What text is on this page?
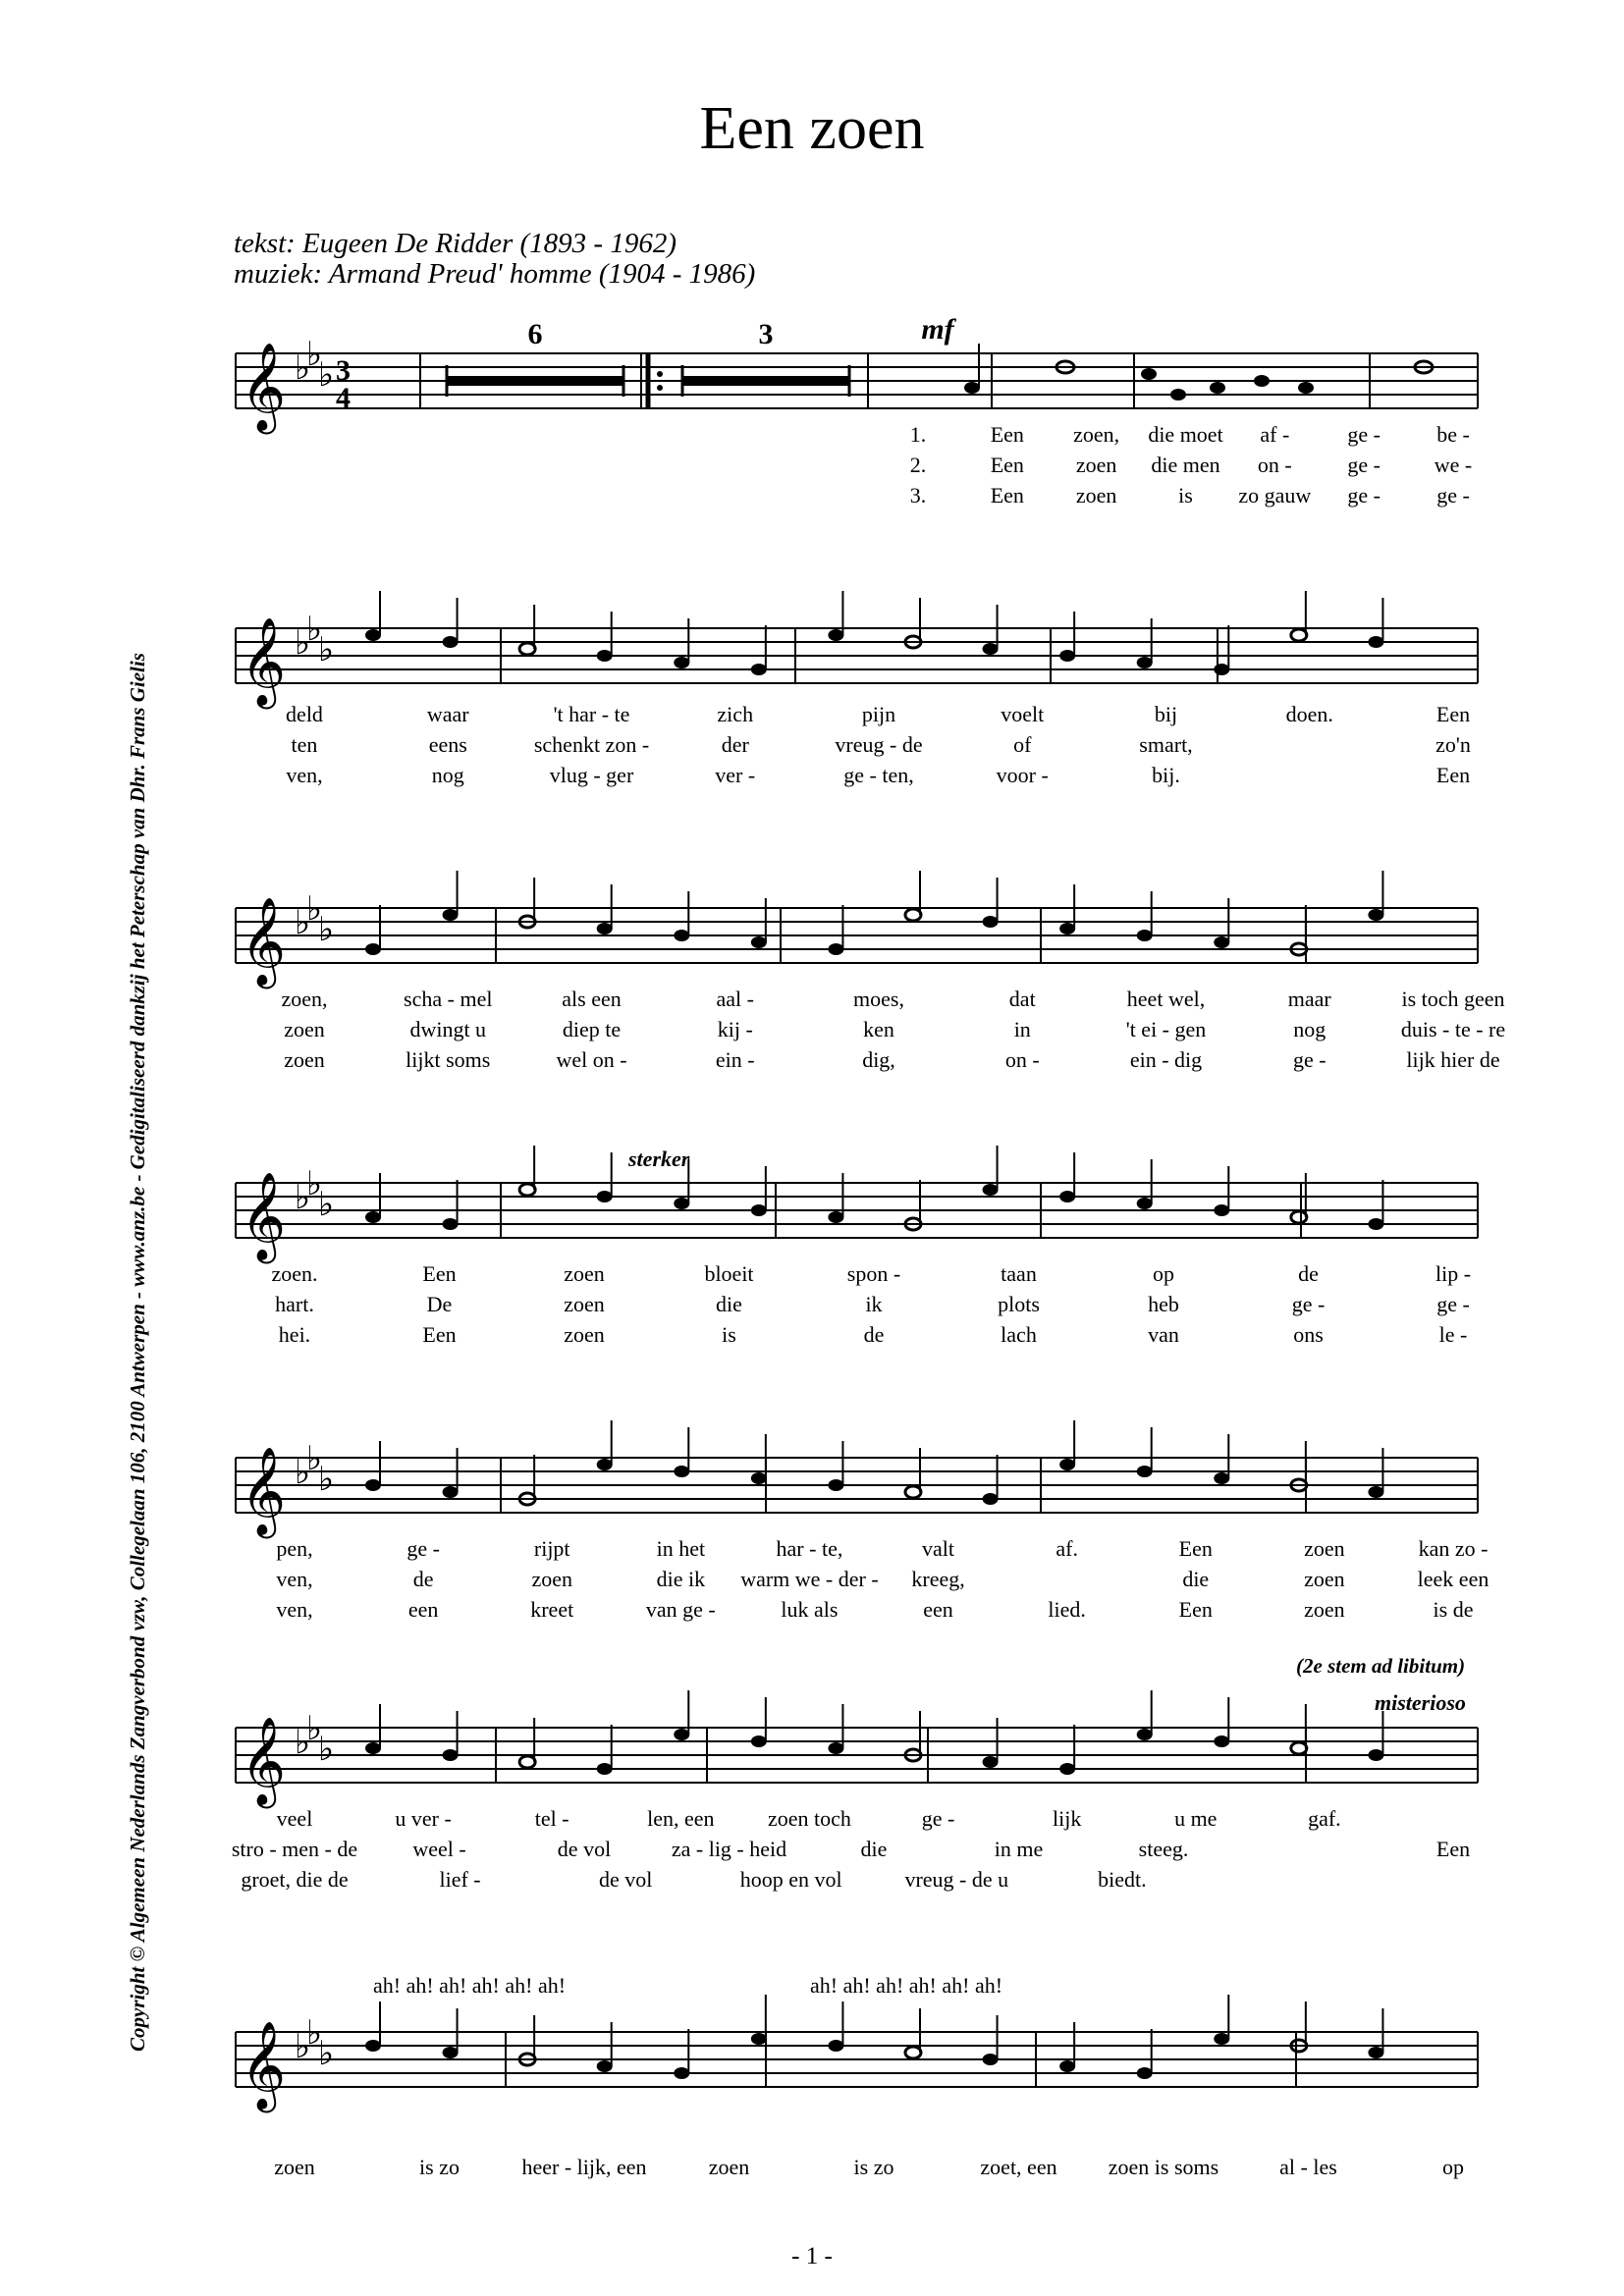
Een zoen
tekst: Eugeen De Ridder (1893 - 1962)
muziek: Armand Preud' homme (1904 - 1986)
Copyright © Algemeen Nederlands Zangverbond vzw, Collegelaan 106, 2100 Antwerpen - www.anz.be - Gedigitaliseerd dankzij het Peterschap van Dhr. Frans Gielis
- 1 -
𝄞 ♭
♭
♭ 3
4
6	3	mf
𝄞 ♭
♭
♭
𝄞 ♭
♭
♭
𝄞 ♭
♭
♭
𝄞 ♭
♭
♭
𝄞 ♭
♭
♭
𝄞 ♭
♭
♭
sterker
(2e stem ad libitum)
misterioso
ah! ah! ah! ah! ah! ah!	ah! ah! ah! ah! ah! ah!
1.	Een zoen, die moet af -	ge -	be -
2.	Een zoen die men on -	ge - we -
3.	Een zoen	is zo gauw ge -	ge -
deld	waar	't har - te	zich	pijn	voelt	bij	doen.	Een
ten	eens	schenkt zon -	der	vreug - de	of	smart,	zo'n
ven,	nog	vlug - ger	ver -	ge - ten,	voor -	bij.	Een
zoen,	scha - mel	als een	aal -	moes,	dat	heet wel,	maar	is toch geen
zoen	dwingt u	diep te	kij -	ken	in	't ei - gen	nog	duis - te - re
zoen	lijkt soms	wel on -	ein -	dig,	on -	ein - dig	ge -	lijk hier de
zoen.	Een	zoen	bloeit	spon -	taan	op	de	lip -
hart.	De	zoen	die	ik	plots	heb	ge -	ge -
hei.	Een	zoen	is	de	lach	van	ons	le -
pen,	ge -	rijpt	in het	har - te,	valt	af.	Een	zoen	kan zo -
ven,	de	zoen	die ik warm we - der - kreeg,	die	zoen	leek een
ven,	een	kreet	van ge -	luk als	een	lied.	Een	zoen	is de
veel	u ver -	tel -	len, een zoen toch	ge -	lijk	u me	gaf.
stro - men - de	weel -	de vol	za - lig - heid	die	in me	steeg.	Een
groet, die de	lief -	de vol	hoop en vol	vreug - de u	biedt.
zoen	is zo	heer - lijk, een	zoen	is zo	zoet, een zoen is soms	al - les	op
